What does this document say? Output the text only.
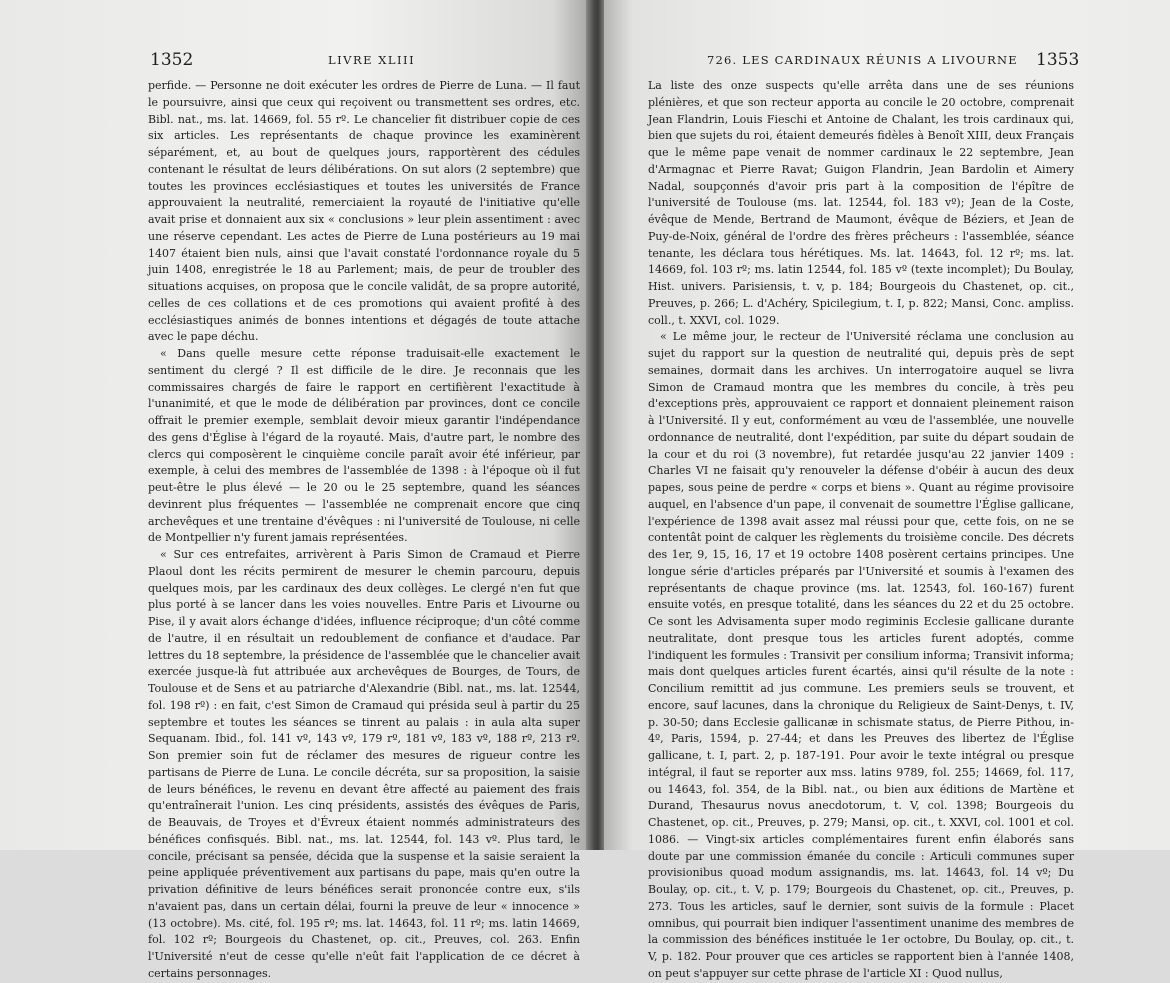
1352	LIVRE XLIII

perfide. — Personne ne doit exécuter les ordres de Pierre de Luna. — Il faut le poursuivre, ainsi que ceux qui reçoivent ou transmettent ses ordres, etc. Bibl. nat., ms. lat. 14669, fol. 55 rº. Le chancelier fit distribuer copie de ces six articles. Les représentants de chaque province les examinèrent séparément, et, au bout de quelques jours, rapportèrent des cédules contenant le résultat de leurs délibérations. On sut alors (2 septembre) que toutes les provinces ecclésiastiques et toutes les universités de France approuvaient la neutralité, remerciaient la royauté de l'initiative qu'elle avait prise et donnaient aux six « conclusions » leur plein assentiment : avec une réserve cependant. Les actes de Pierre de Luna postérieurs au 19 mai 1407 étaient bien nuls, ainsi que l'avait constaté l'ordonnance royale du 5 juin 1408, enregistrée le 18 au Parlement; mais, de peur de troubler des situations acquises, on proposa que le concile validât, de sa propre autorité, celles de ces collations et de ces promotions qui avaient profité à des ecclésiastiques animés de bonnes intentions et dégagés de toute attache avec le pape déchu.

« Dans quelle mesure cette réponse traduisait-elle exactement le sentiment du clergé ? Il est difficile de le dire. Je reconnais que les commissaires chargés de faire le rapport en certifièrent l'exactitude à l'unanimité, et que le mode de délibération par provinces, dont ce concile offrait le premier exemple, semblait devoir mieux garantir l'indépendance des gens d'Église à l'égard de la royauté. Mais, d'autre part, le nombre des clercs qui composèrent le cinquième concile paraît avoir été inférieur, par exemple, à celui des membres de l'assemblée de 1398 : à l'époque où il fut peut-être le plus élevé — le 20 ou le 25 septembre, quand les séances devinrent plus fréquentes — l'assemblée ne comprenait encore que cinq archevêques et une trentaine d'évêques : ni l'université de Toulouse, ni celle de Montpellier n'y furent jamais représentées.

« Sur ces entrefaites, arrivèrent à Paris Simon de Cramaud et Pierre Plaoul dont les récits permirent de mesurer le chemin parcouru, depuis quelques mois, par les cardinaux des deux collèges. Le clergé n'en fut que plus porté à se lancer dans les voies nouvelles. Entre Paris et Livourne ou Pise, il y avait alors échange d'idées, influence réciproque; d'un côté comme de l'autre, il en résultait un redoublement de confiance et d'audace. Par lettres du 18 septembre, la présidence de l'assemblée que le chancelier avait exercée jusque-là fut attribuée aux archevêques de Bourges, de Tours, de Toulouse et de Sens et au patriarche d'Alexandrie (Bibl. nat., ms. lat. 12544, fol. 198 rº) : en fait, c'est Simon de Cramaud qui présida seul à partir du 25 septembre et toutes les séances se tinrent au palais : in aula alta super Sequanam. Ibid., fol. 141 vº, 143 vº, 179 rº, 181 vº, 183 vº, 188 rº, 213 rº. Son premier soin fut de réclamer des mesures de rigueur contre les partisans de Pierre de Luna. Le concile décréta, sur sa proposition, la saisie de leurs bénéfices, le revenu en devant être affecté au paiement des frais qu'entraînerait l'union. Les cinq présidents, assistés des évêques de Paris, de Beauvais, de Troyes et d'Évreux étaient nommés administrateurs des bénéfices confisqués. Bibl. nat., ms. lat. 12544, fol. 143 vº. Plus tard, le concile, précisant sa pensée, décida que la suspense et la saisie seraient la peine appliquée préventivement aux partisans du pape, mais qu'en outre la privation définitive de leurs bénéfices serait prononcée contre eux, s'ils n'avaient pas, dans un certain délai, fourni la preuve de leur « innocence » (13 octobre). Ms. cité, fol. 195 rº; ms. lat. 14643, fol. 11 rº; ms. latin 14669, fol. 102 rº; Bourgeois du Chastenet, op. cit., Preuves, col. 263. Enfin l'Université n'eut de cesse qu'elle n'eût fait l'application de ce décret à certains personnages.

726. LES CARDINAUX RÉUNIS A LIVOURNE 1353

La liste des onze suspects qu'elle arrêta dans une de ses réunions plénières, et que son recteur apporta au concile le 20 octobre, comprenait Jean Flandrin, Louis Fieschi et Antoine de Chalant, les trois cardinaux qui, bien que sujets du roi, étaient demeurés fidèles à Benoît XIII, deux Français que le même pape venait de nommer cardinaux le 22 septembre, Jean d'Armagnac et Pierre Ravat; Guigon Flandrin, Jean Bardolin et Aimery Nadal, soupçonnés d'avoir pris part à la composition de l'épître de l'université de Toulouse (ms. lat. 12544, fol. 183 vº); Jean de la Coste, évêque de Mende, Bertrand de Maumont, évêque de Béziers, et Jean de Puy-de-Noix, général de l'ordre des frères prêcheurs : l'assemblée, séance tenante, les déclara tous hérétiques. Ms. lat. 14643, fol. 12 rº; ms. lat. 14669, fol. 103 rº; ms. latin 12544, fol. 185 vº (texte incomplet); Du Boulay, Hist. univers. Parisiensis, t. v, p. 184; Bourgeois du Chastenet, op. cit., Preuves, p. 266; L. d'Achéry, Spicilegium, t. I, p. 822; Mansi, Conc. ampliss. coll., t. XXVI, col. 1029.

« Le même jour, le recteur de l'Université réclama une conclusion au sujet du rapport sur la question de neutralité qui, depuis près de sept semaines, dormait dans les archives. Un interrogatoire auquel se livra Simon de Cramaud montra que les membres du concile, à très peu d'exceptions près, approuvaient ce rapport et donnaient pleinement raison à l'Université. Il y eut, conformément au vœu de l'assemblée, une nouvelle ordonnance de neutralité, dont l'expédition, par suite du départ soudain de la cour et du roi (3 novembre), fut retardée jusqu'au 22 janvier 1409 : Charles VI ne faisait qu'y renouveler la défense d'obéir à aucun des deux papes, sous peine de perdre « corps et biens ». Quant au régime provisoire auquel, en l'absence d'un pape, il convenait de soumettre l'Église gallicane, l'expérience de 1398 avait assez mal réussi pour que, cette fois, on ne se contentât point de calquer les règlements du troisième concile. Des décrets des 1er, 9, 15, 16, 17 et 19 octobre 1408 posèrent certains principes. Une longue série d'articles préparés par l'Université et soumis à l'examen des représentants de chaque province (ms. lat. 12543, fol. 160-167) furent ensuite votés, en presque totalité, dans les séances du 22 et du 25 octobre. Ce sont les Advisamenta super modo regiminis Ecclesie gallicane durante neutralitate, dont presque tous les articles furent adoptés, comme l'indiquent les formules : Transivit per consilium informa; Transivit informa; mais dont quelques articles furent écartés, ainsi qu'il résulte de la note : Concilium remittit ad jus commune. Les premiers seuls se trouvent, et encore, sauf lacunes, dans la chronique du Religieux de Saint-Denys, t. IV, p. 30-50; dans Ecclesie gallicanæ in schismate status, de Pierre Pithou, in-4º, Paris, 1594, p. 27-44; et dans les Preuves des libertez de l'Église gallicane, t. I, part. 2, p. 187-191. Pour avoir le texte intégral ou presque intégral, il faut se reporter aux mss. latins 9789, fol. 255; 14669, fol. 117, ou 14643, fol. 354, de la Bibl. nat., ou bien aux éditions de Martène et Durand, Thesaurus novus anecdotorum, t. V, col. 1398; Bourgeois du Chastenet, op. cit., Preuves, p. 279; Mansi, op. cit., t. XXVI, col. 1001 et col. 1086. — Vingt-six articles complémentaires furent enfin élaborés sans doute par une commission émanée du concile : Articuli communes super provisionibus quoad modum assignandis, ms. lat. 14643, fol. 14 vº; Du Boulay, op. cit., t. V, p. 179; Bourgeois du Chastenet, op. cit., Preuves, p. 273. Tous les articles, sauf le dernier, sont suivis de la formule : Placet omnibus, qui pourrait bien indiquer l'assentiment unanime des membres de la commission des bénéfices instituée le 1er octobre, Du Boulay, op. cit., t. V, p. 182. Pour prouver que ces articles se rapportent bien à l'année 1408, on peut s'appuyer sur cette phrase de l'article XI : Quod nullus,
